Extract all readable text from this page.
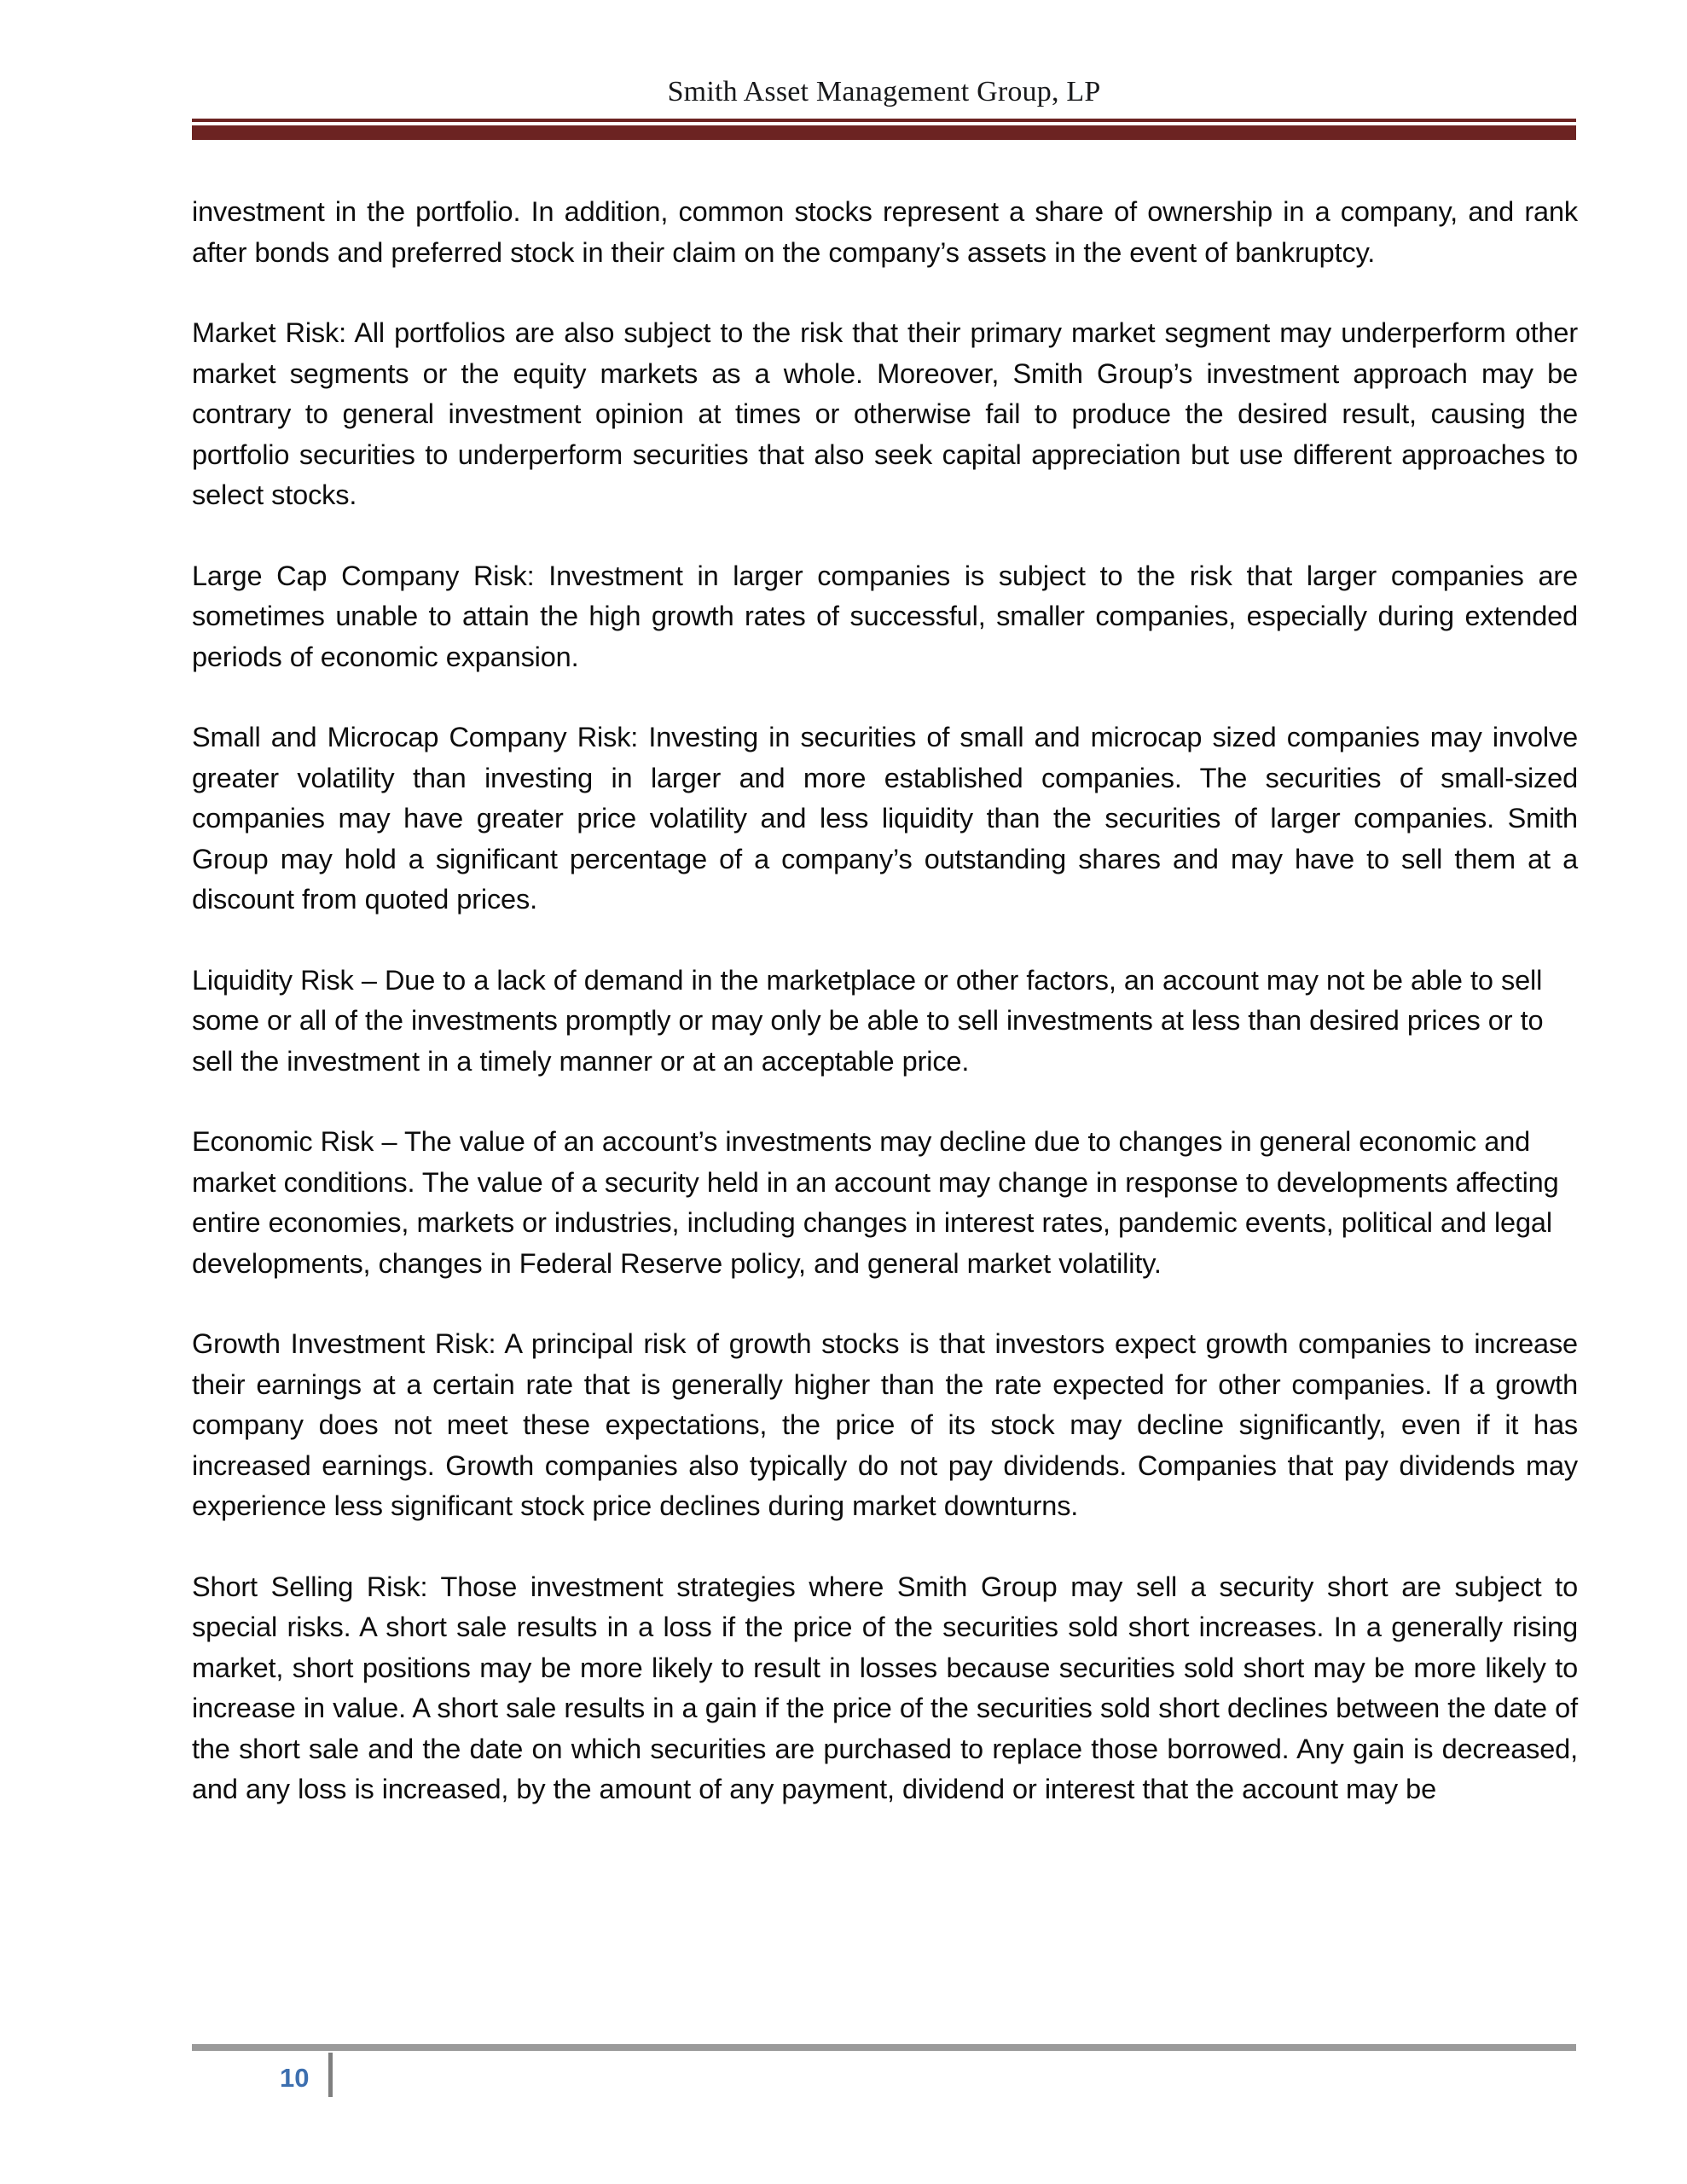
Smith Asset Management Group, LP

investment in the portfolio. In addition, common stocks represent a share of ownership in a company, and rank after bonds and preferred stock in their claim on the company’s assets in the event of bankruptcy.

Market Risk: All portfolios are also subject to the risk that their primary market segment may underperform other market segments or the equity markets as a whole. Moreover, Smith Group’s investment approach may be contrary to general investment opinion at times or otherwise fail to produce the desired result, causing the portfolio securities to underperform securities that also seek capital appreciation but use different approaches to select stocks.

Large Cap Company Risk: Investment in larger companies is subject to the risk that larger companies are sometimes unable to attain the high growth rates of successful, smaller companies, especially during extended periods of economic expansion.

Small and Microcap Company Risk: Investing in securities of small and microcap sized companies may involve greater volatility than investing in larger and more established companies. The securities of small-sized companies may have greater price volatility and less liquidity than the securities of larger companies. Smith Group may hold a significant percentage of a company’s outstanding shares and may have to sell them at a discount from quoted prices.

Liquidity Risk – Due to a lack of demand in the marketplace or other factors, an account may not be able to sell some or all of the investments promptly or may only be able to sell investments at less than desired prices or to sell the investment in a timely manner or at an acceptable price.

Economic Risk – The value of an account’s investments may decline due to changes in general economic and market conditions. The value of a security held in an account may change in response to developments affecting entire economies, markets or industries, including changes in interest rates, pandemic events, political and legal developments, changes in Federal Reserve policy, and general market volatility.

Growth Investment Risk: A principal risk of growth stocks is that investors expect growth companies to increase their earnings at a certain rate that is generally higher than the rate expected for other companies. If a growth company does not meet these expectations, the price of its stock may decline significantly, even if it has increased earnings. Growth companies also typically do not pay dividends. Companies that pay dividends may experience less significant stock price declines during market downturns.

Short Selling Risk: Those investment strategies where Smith Group may sell a security short are subject to special risks. A short sale results in a loss if the price of the securities sold short increases. In a generally rising market, short positions may be more likely to result in losses because securities sold short may be more likely to increase in value. A short sale results in a gain if the price of the securities sold short declines between the date of the short sale and the date on which securities are purchased to replace those borrowed. Any gain is decreased, and any loss is increased, by the amount of any payment, dividend or interest that the account may be

10
